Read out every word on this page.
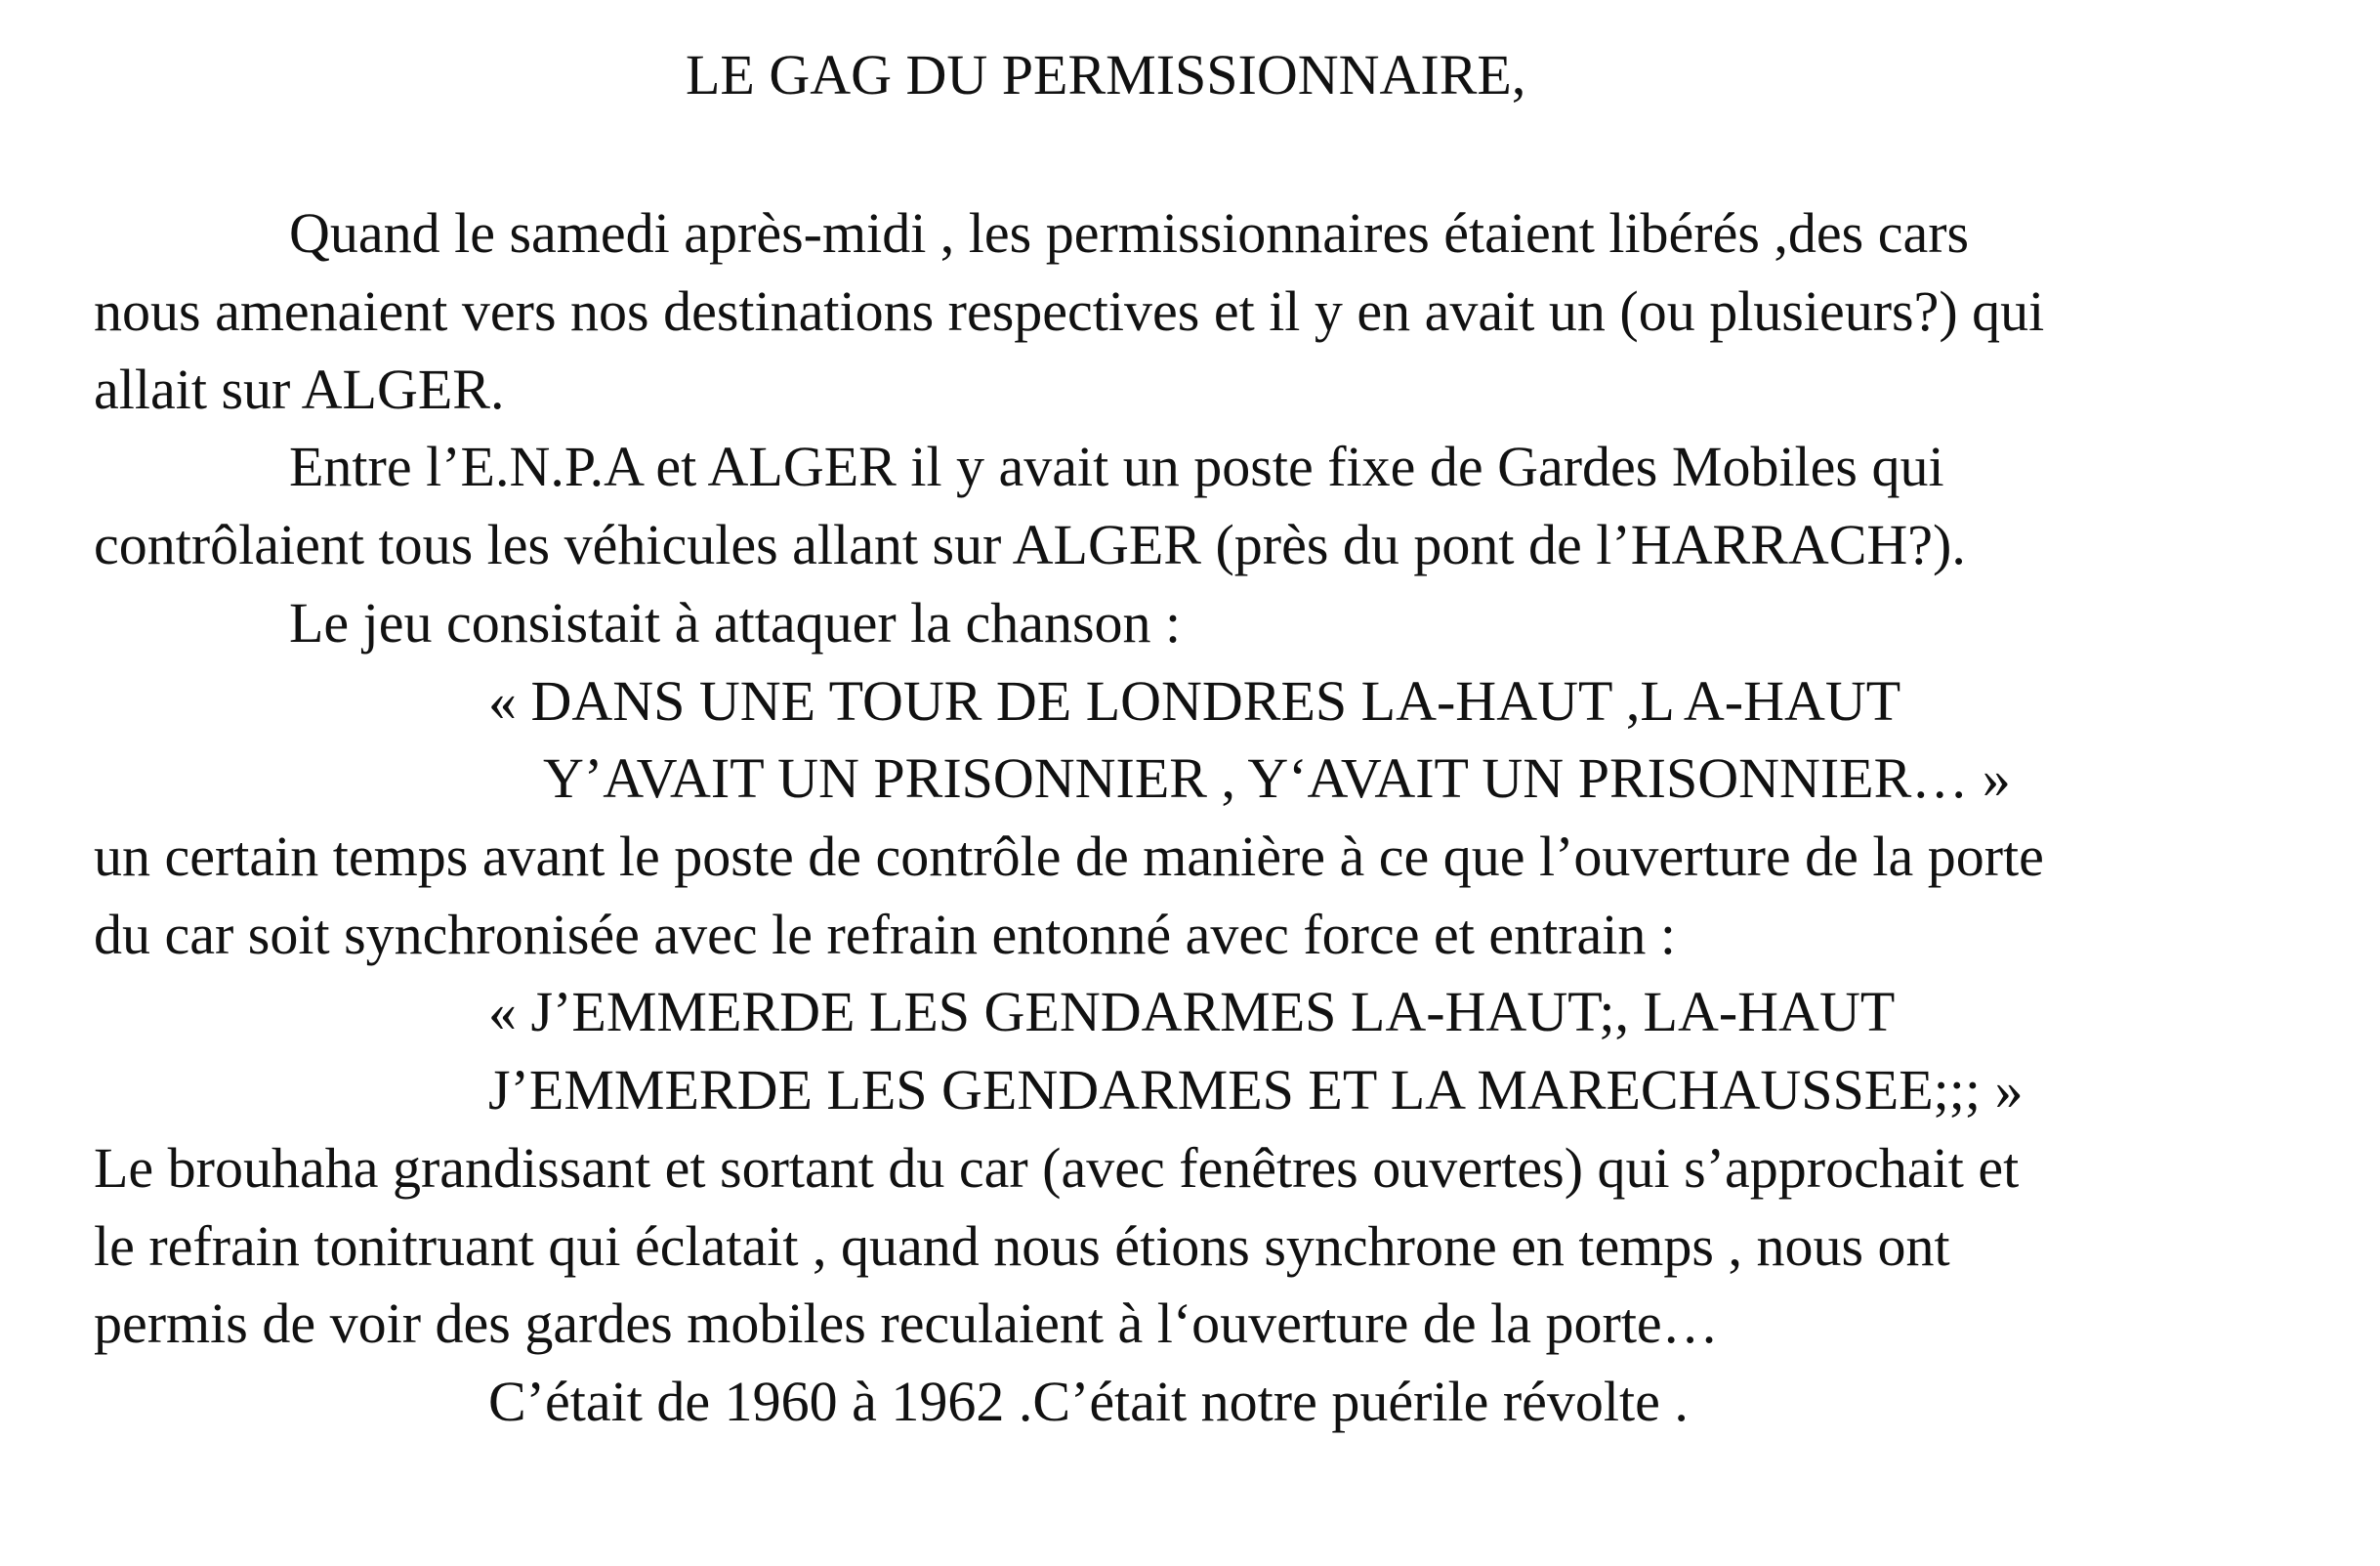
LE GAG DU PERMISSIONNAIRE,
Quand le samedi après-midi , les permissionnaires étaient libérés ,des cars
nous amenaient vers nos destinations respectives et il y en avait un (ou plusieurs?) qui
allait sur ALGER.
Entre l’E.N.P.A et ALGER il y avait un poste fixe de Gardes Mobiles qui
contrôlaient tous les véhicules allant sur ALGER (près du pont de l’HARRACH?).
Le jeu consistait à attaquer la chanson :
« DANS UNE TOUR DE LONDRES LA-HAUT ,L A-HAUT
Y’AVAIT UN PRISONNIER , Y‘AVAIT UN PRISONNIER… »
un certain temps avant le poste de contrôle de manière à ce que l’ouverture de la porte
du car soit synchronisée avec le refrain entonné avec force et entrain :
« J’EMMERDE LES GENDARMES LA-HAUT;, LA-HAUT
J’EMMERDE LES GENDARMES ET LA MARECHAUSSEE;;; »
Le brouhaha grandissant et sortant du car (avec fenêtres ouvertes) qui s’approchait et
le refrain tonitruant qui éclatait , quand nous étions synchrone en temps , nous ont
permis de voir des gardes mobiles reculaient à l‘ouverture de la porte…
C’était de 1960 à 1962 .C’était notre puérile révolte .
